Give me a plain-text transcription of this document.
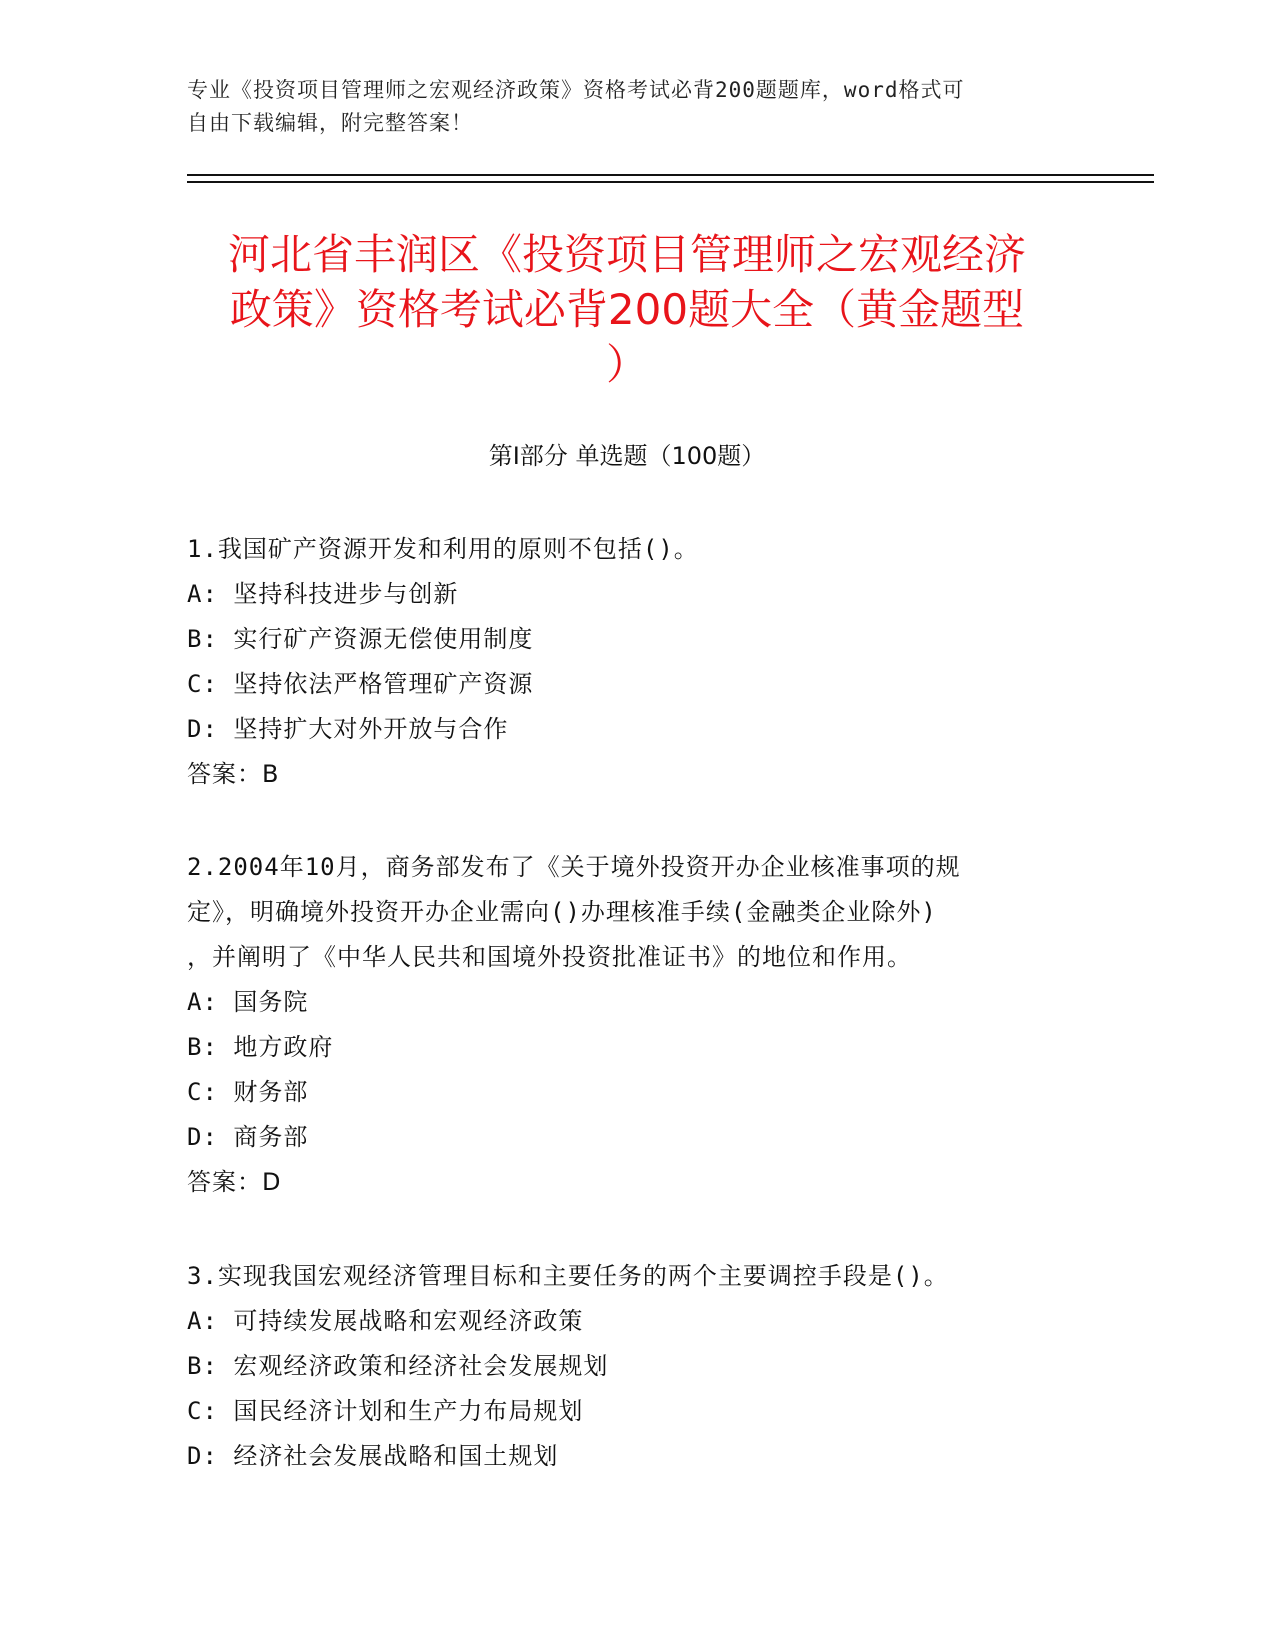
专业《投资项目管理师之宏观经济政策》资格考试必背200题题库，word格式可
自由下载编辑，附完整答案！
河北省丰润区《投资项目管理师之宏观经济
政策》资格考试必背200题大全（黄金题型
）
第Ⅰ部分 单选题（100题）
1.我国矿产资源开发和利用的原则不包括()。
A: 坚持科技进步与创新
B: 实行矿产资源无偿使用制度
C: 坚持依法严格管理矿产资源
D: 坚持扩大对外开放与合作
答案：B
2.2004年10月，商务部发布了《关于境外投资开办企业核准事项的规
定》，明确境外投资开办企业需向()办理核准手续(金融类企业除外)
，并阐明了《中华人民共和国境外投资批准证书》的地位和作用。
A: 国务院
B: 地方政府
C: 财务部
D: 商务部
答案：D
3.实现我国宏观经济管理目标和主要任务的两个主要调控手段是()。
A: 可持续发展战略和宏观经济政策
B: 宏观经济政策和经济社会发展规划
C: 国民经济计划和生产力布局规划
D: 经济社会发展战略和国土规划
